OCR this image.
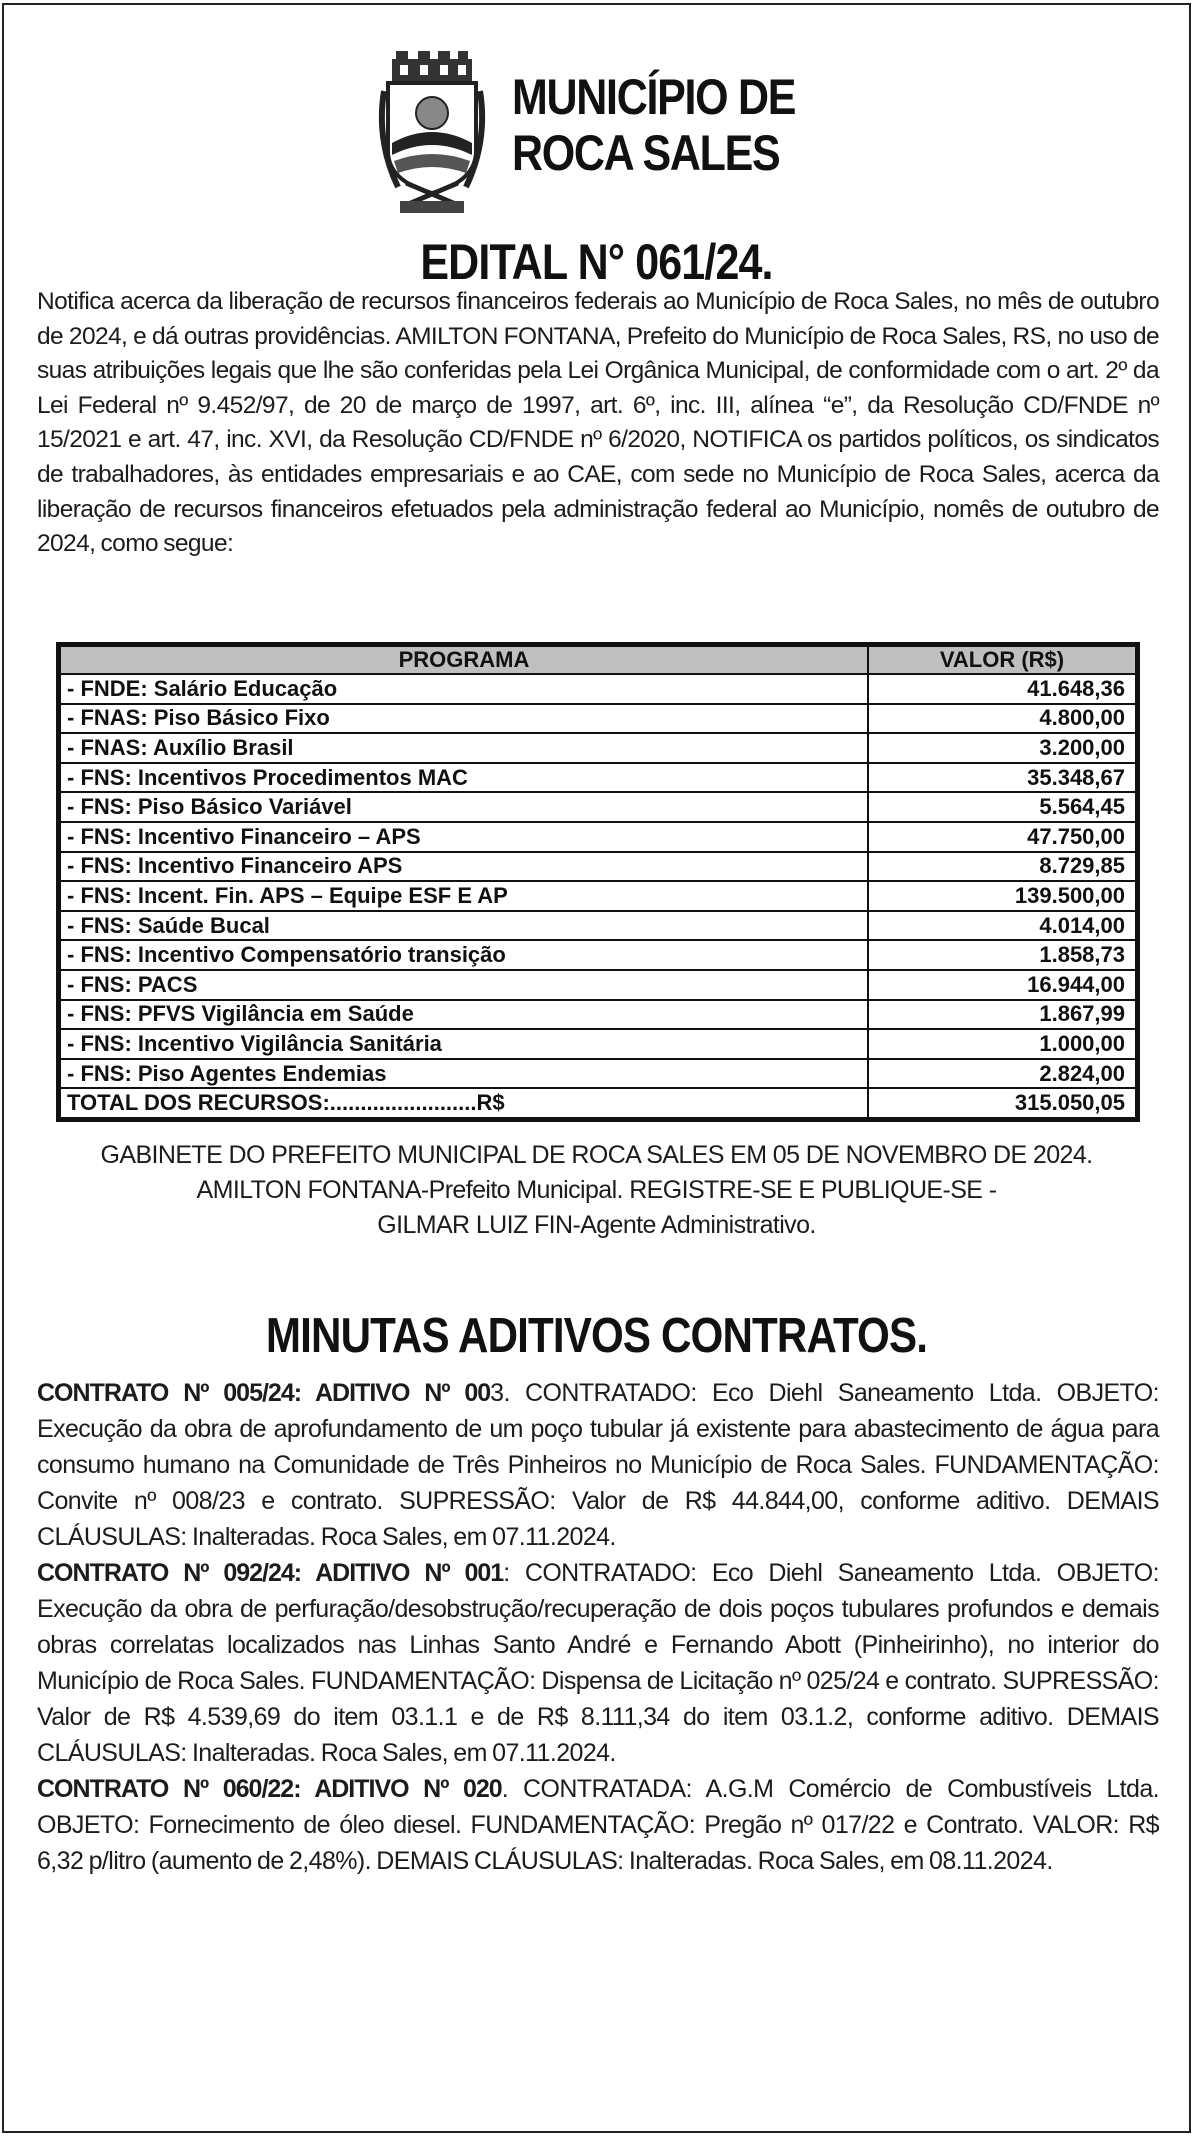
MUNICÍPIO DE
ROCA SALES
EDITAL N° 061/24.
Notifica acerca da liberação de recursos financeiros federais ao Município de Roca Sales, no mês de outubro de 2024, e dá outras providências. AMILTON FONTANA, Prefeito do Município de Roca Sales, RS, no uso de suas atribuições legais que lhe são conferidas pela Lei Orgânica Municipal, de conformidade com o art. 2º da Lei Federal nº 9.452/97, de 20 de março de 1997, art. 6º, inc. III, alínea “e”, da Resolução CD/FNDE nº 15/2021 e art. 47, inc. XVI, da Resolução CD/FNDE nº 6/2020, NOTIFICA os partidos políticos, os sindicatos de trabalhadores, às entidades empresariais e ao CAE, com sede no Município de Roca Sales, acerca da liberação de recursos financeiros efetuados pela administração federal ao Município, nomês de outubro de 2024, como segue:
PROGRAMA	VALOR (R$)
- FNDE: Salário Educação	41.648,36
- FNAS: Piso Básico Fixo	4.800,00
- FNAS: Auxílio Brasil	3.200,00
- FNS: Incentivos Procedimentos MAC	35.348,67
- FNS: Piso Básico Variável	5.564,45
- FNS: Incentivo Financeiro – APS	47.750,00
- FNS: Incentivo Financeiro APS	8.729,85
- FNS: Incent. Fin. APS – Equipe ESF E AP	139.500,00
- FNS: Saúde Bucal	4.014,00
- FNS: Incentivo Compensatório transição	1.858,73
- FNS: PACS	16.944,00
- FNS: PFVS Vigilância em Saúde	1.867,99
- FNS: Incentivo Vigilância Sanitária	1.000,00
- FNS: Piso Agentes Endemias	2.824,00
TOTAL DOS RECURSOS:........................R$	315.050,05
GABINETE DO PREFEITO MUNICIPAL DE ROCA SALES EM 05 DE NOVEMBRO DE 2024.
AMILTON FONTANA-Prefeito Municipal. REGISTRE-SE E PUBLIQUE-SE -
GILMAR LUIZ FIN-Agente Administrativo.
MINUTAS ADITIVOS CONTRATOS.

CONTRATO Nº 005/24: ADITIVO Nº 003. CONTRATADO: Eco Diehl Saneamento Ltda. OBJETO: Execução da obra de aprofundamento de um poço tubular já existente para abastecimento de água para consumo humano na Comunidade de Três Pinheiros no Município de Roca Sales. FUNDAMENTAÇÃO: Convite nº 008/23 e contrato. SUPRESSÃO: Valor de R$ 44.844,00, conforme aditivo. DEMAIS CLÁUSULAS: Inalteradas. Roca Sales, em 07.11.2024.

CONTRATO Nº 092/24: ADITIVO Nº 001: CONTRATADO: Eco Diehl Saneamento Ltda. OBJETO: Execução da obra de perfuração/desobstrução/recuperação de dois poços tubulares profundos e demais obras correlatas localizados nas Linhas Santo André e Fernando Abott (Pinheirinho), no interior do Município de Roca Sales. FUNDAMENTAÇÃO: Dispensa de Licitação nº 025/24 e contrato. SUPRESSÃO: Valor de R$ 4.539,69 do item 03.1.1 e de R$ 8.111,34 do item 03.1.2, conforme aditivo. DEMAIS CLÁUSULAS: Inalteradas. Roca Sales, em 07.11.2024.

CONTRATO Nº 060/22: ADITIVO Nº 020. CONTRATADA: A.G.M Comércio de Combustíveis Ltda. OBJETO: Fornecimento de óleo diesel. FUNDAMENTAÇÃO: Pregão nº 017/22 e Contrato. VALOR: R$ 6,32 p/litro (aumento de 2,48%). DEMAIS CLÁUSULAS: Inalteradas. Roca Sales, em 08.11.2024.
